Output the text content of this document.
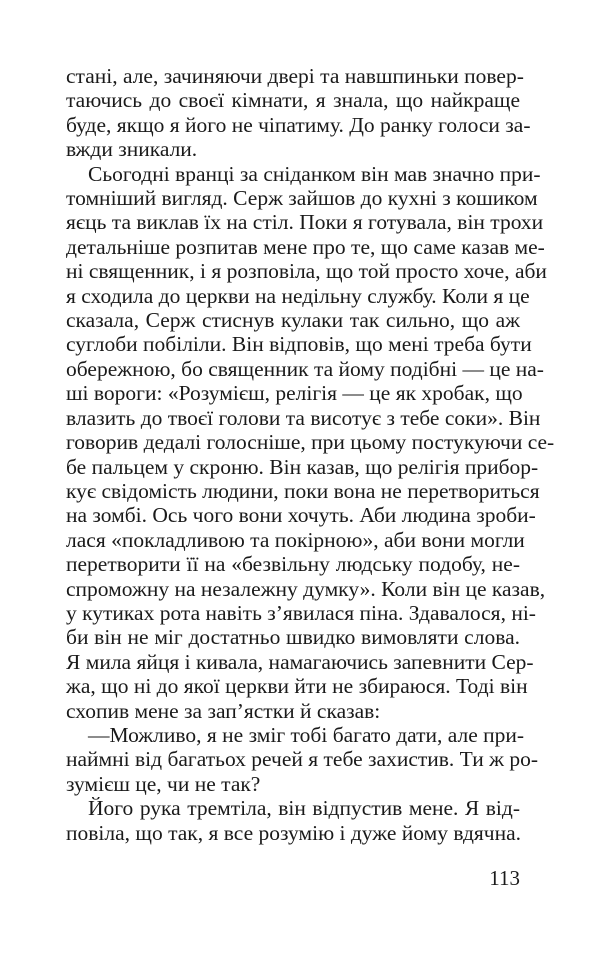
стані, але, зачиняючи двері та навшпиньки повер-
таючись до своєї кімнати, я знала, що найкраще
буде, якщо я його не чіпатиму. До ранку голоси за-
вжди зникали.
Сьогодні вранці за сніданком він мав значно при-
томніший вигляд. Серж зайшов до кухні з кошиком
яєць та виклав їх на стіл. Поки я готувала, він трохи
детальніше розпитав мене про те, що саме казав ме-
ні священник, і я розповіла, що той просто хоче, аби
я сходила до церкви на недільну службу. Коли я це
сказала, Серж стиснув кулаки так сильно, що аж
суглоби побіліли. Він відповів, що мені треба бути
обережною, бо священник та йому подібні — це на-
ші вороги: «Розумієш, релігія — це як хробак, що
влазить до твоєї голови та висотує з тебе соки». Він
говорив дедалі голосніше, при цьому постукуючи се-
бе пальцем у скроню. Він казав, що релігія прибор-
кує свідомість людини, поки вона не перетвориться
на зомбі. Ось чого вони хочуть. Аби людина зроби-
лася «покладливою та покірною», аби вони могли
перетворити її на «безвільну людську подобу, не-
спроможну на незалежну думку». Коли він це казав,
у кутиках рота навіть з’явилася піна. Здавалося, ні-
би він не міг достатньо швидко вимовляти слова.
Я мила яйця і кивала, намагаючись запевнити Сер-
жа, що ні до якої церкви йти не збираюся. Тоді він
схопив мене за зап’ястки й сказав:
—Можливо, я не зміг тобі багато дати, але при-
наймні від багатьох речей я тебе захистив. Ти ж ро-
зумієш це, чи не так?
Його рука тремтіла, він відпустив мене. Я від-
повіла, що так, я все розумію і дуже йому вдячна.
113
